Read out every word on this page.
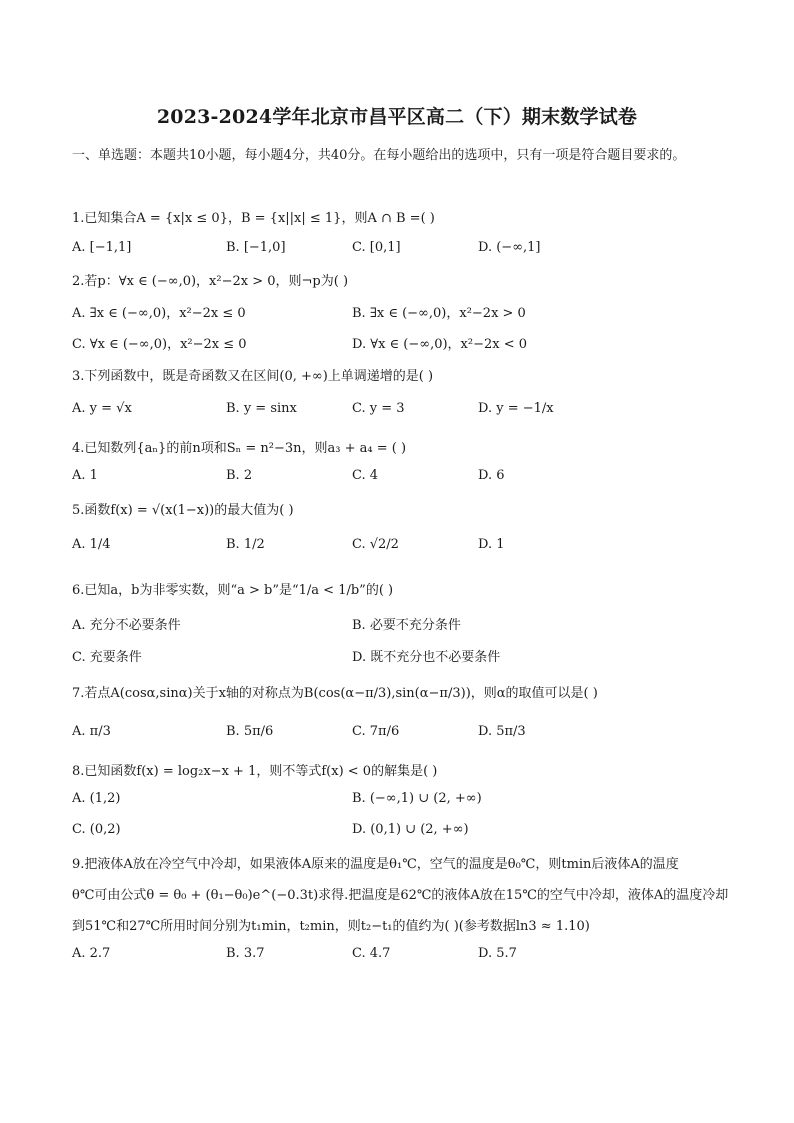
2023-2024学年北京市昌平区高二（下）期末数学试卷
一、单选题：本题共10小题，每小题4分，共40分。在每小题给出的选项中，只有一项是符合题目要求的。
1.已知集合A = {x|x ≤ 0}，B = {x||x| ≤ 1}，则A ∩ B =( )
A. [−1,1]	B. [−1,0]	C. [0,1]	D. (−∞,1]
2.若p：∀x ∈ (−∞,0)，x²−2x > 0，则¬p为( )
A. ∃x ∈ (−∞,0)，x²−2x ≤ 0	B. ∃x ∈ (−∞,0)，x²−2x > 0
C. ∀x ∈ (−∞,0)，x²−2x ≤ 0	D. ∀x ∈ (−∞,0)，x²−2x < 0
3.下列函数中，既是奇函数又在区间(0, +∞)上单调递增的是( )
A. y = √x	B. y = sinx	C. y = 3	D. y = −1/x
4.已知数列{aₙ}的前n项和Sₙ = n²−3n，则a₃ + a₄ = ( )
A. 1	B. 2	C. 4	D. 6
5.函数f(x) = √(x(1−x))的最大值为( )
A. 1/4	B. 1/2	C. √2/2	D. 1
6.已知a，b为非零实数，则“a > b”是“1/a < 1/b”的( )
A. 充分不必要条件	B. 必要不充分条件
C. 充要条件	D. 既不充分也不必要条件
7.若点A(cosα,sinα)关于x轴的对称点为B(cos(α−π/3),sin(α−π/3))，则α的取值可以是( )
A. π/3	B. 5π/6	C. 7π/6	D. 5π/3
8.已知函数f(x) = log₂x−x + 1，则不等式f(x) < 0的解集是( )
A. (1,2)	B. (−∞,1) ∪ (2, +∞)
C. (0,2)	D. (0,1) ∪ (2, +∞)
9.把液体A放在冷空气中冷却，如果液体A原来的温度是θ₁℃，空气的温度是θ₀℃，则tmin后液体A的温度
θ℃可由公式θ = θ₀ + (θ₁−θ₀)e^(−0.3t)求得.把温度是62℃的液体A放在15℃的空气中冷却，液体A的温度冷却
到51℃和27℃所用时间分别为t₁min，t₂min，则t₂−t₁的值约为( )(参考数据ln3 ≈ 1.10)
A. 2.7	B. 3.7	C. 4.7	D. 5.7
